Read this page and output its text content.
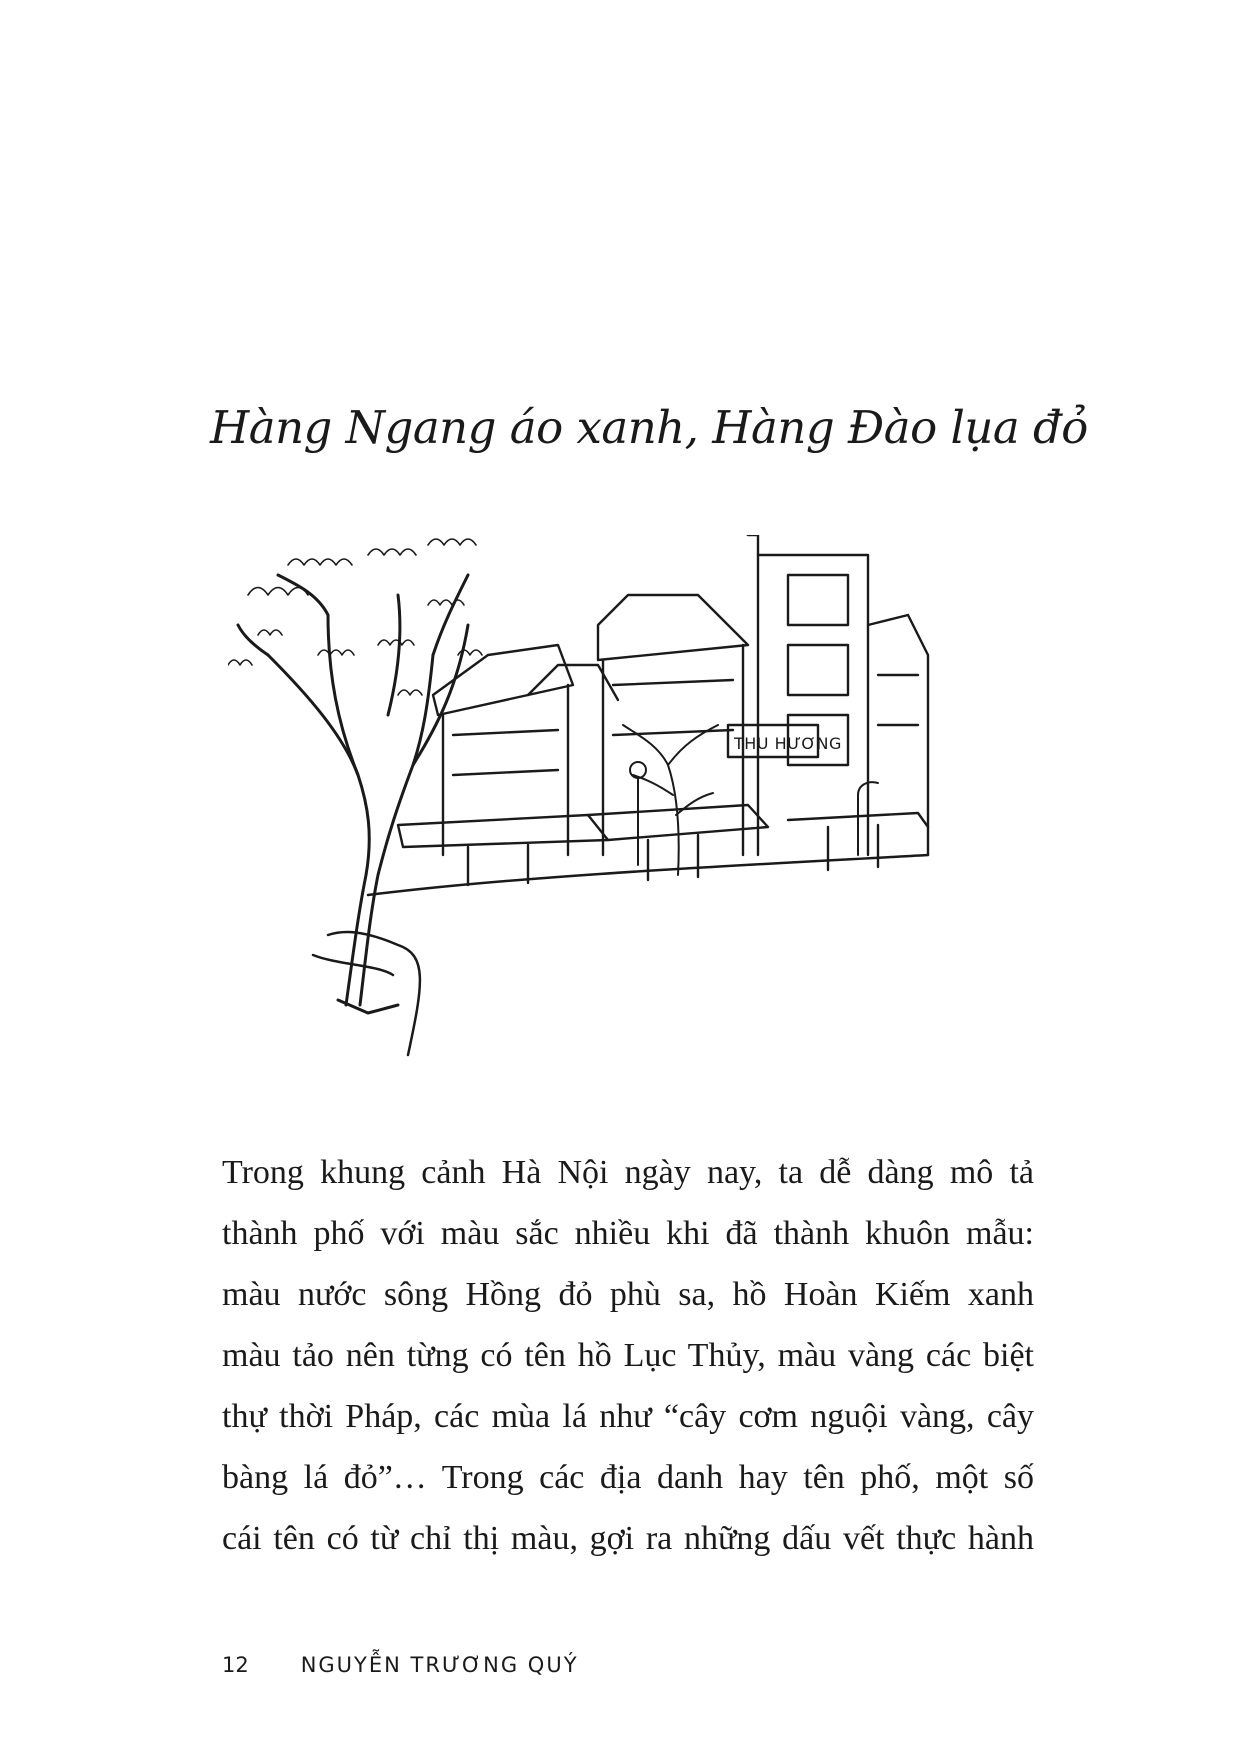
Hàng Ngang áo xanh, Hàng Đào lụa đỏ
THU HƯƠNG
Trong khung cảnh Hà Nội ngày nay, ta dễ dàng mô tả
thành phố với màu sắc nhiều khi đã thành khuôn mẫu:
màu nước sông Hồng đỏ phù sa, hồ Hoàn Kiếm xanh
màu tảo nên từng có tên hồ Lục Thủy, màu vàng các biệt
thự thời Pháp, các mùa lá như “cây cơm nguội vàng, cây
bàng lá đỏ”… Trong các địa danh hay tên phố, một số
cái tên có từ chỉ thị màu, gợi ra những dấu vết thực hành
12 NGUYỄN TRƯƠNG QUÝ
